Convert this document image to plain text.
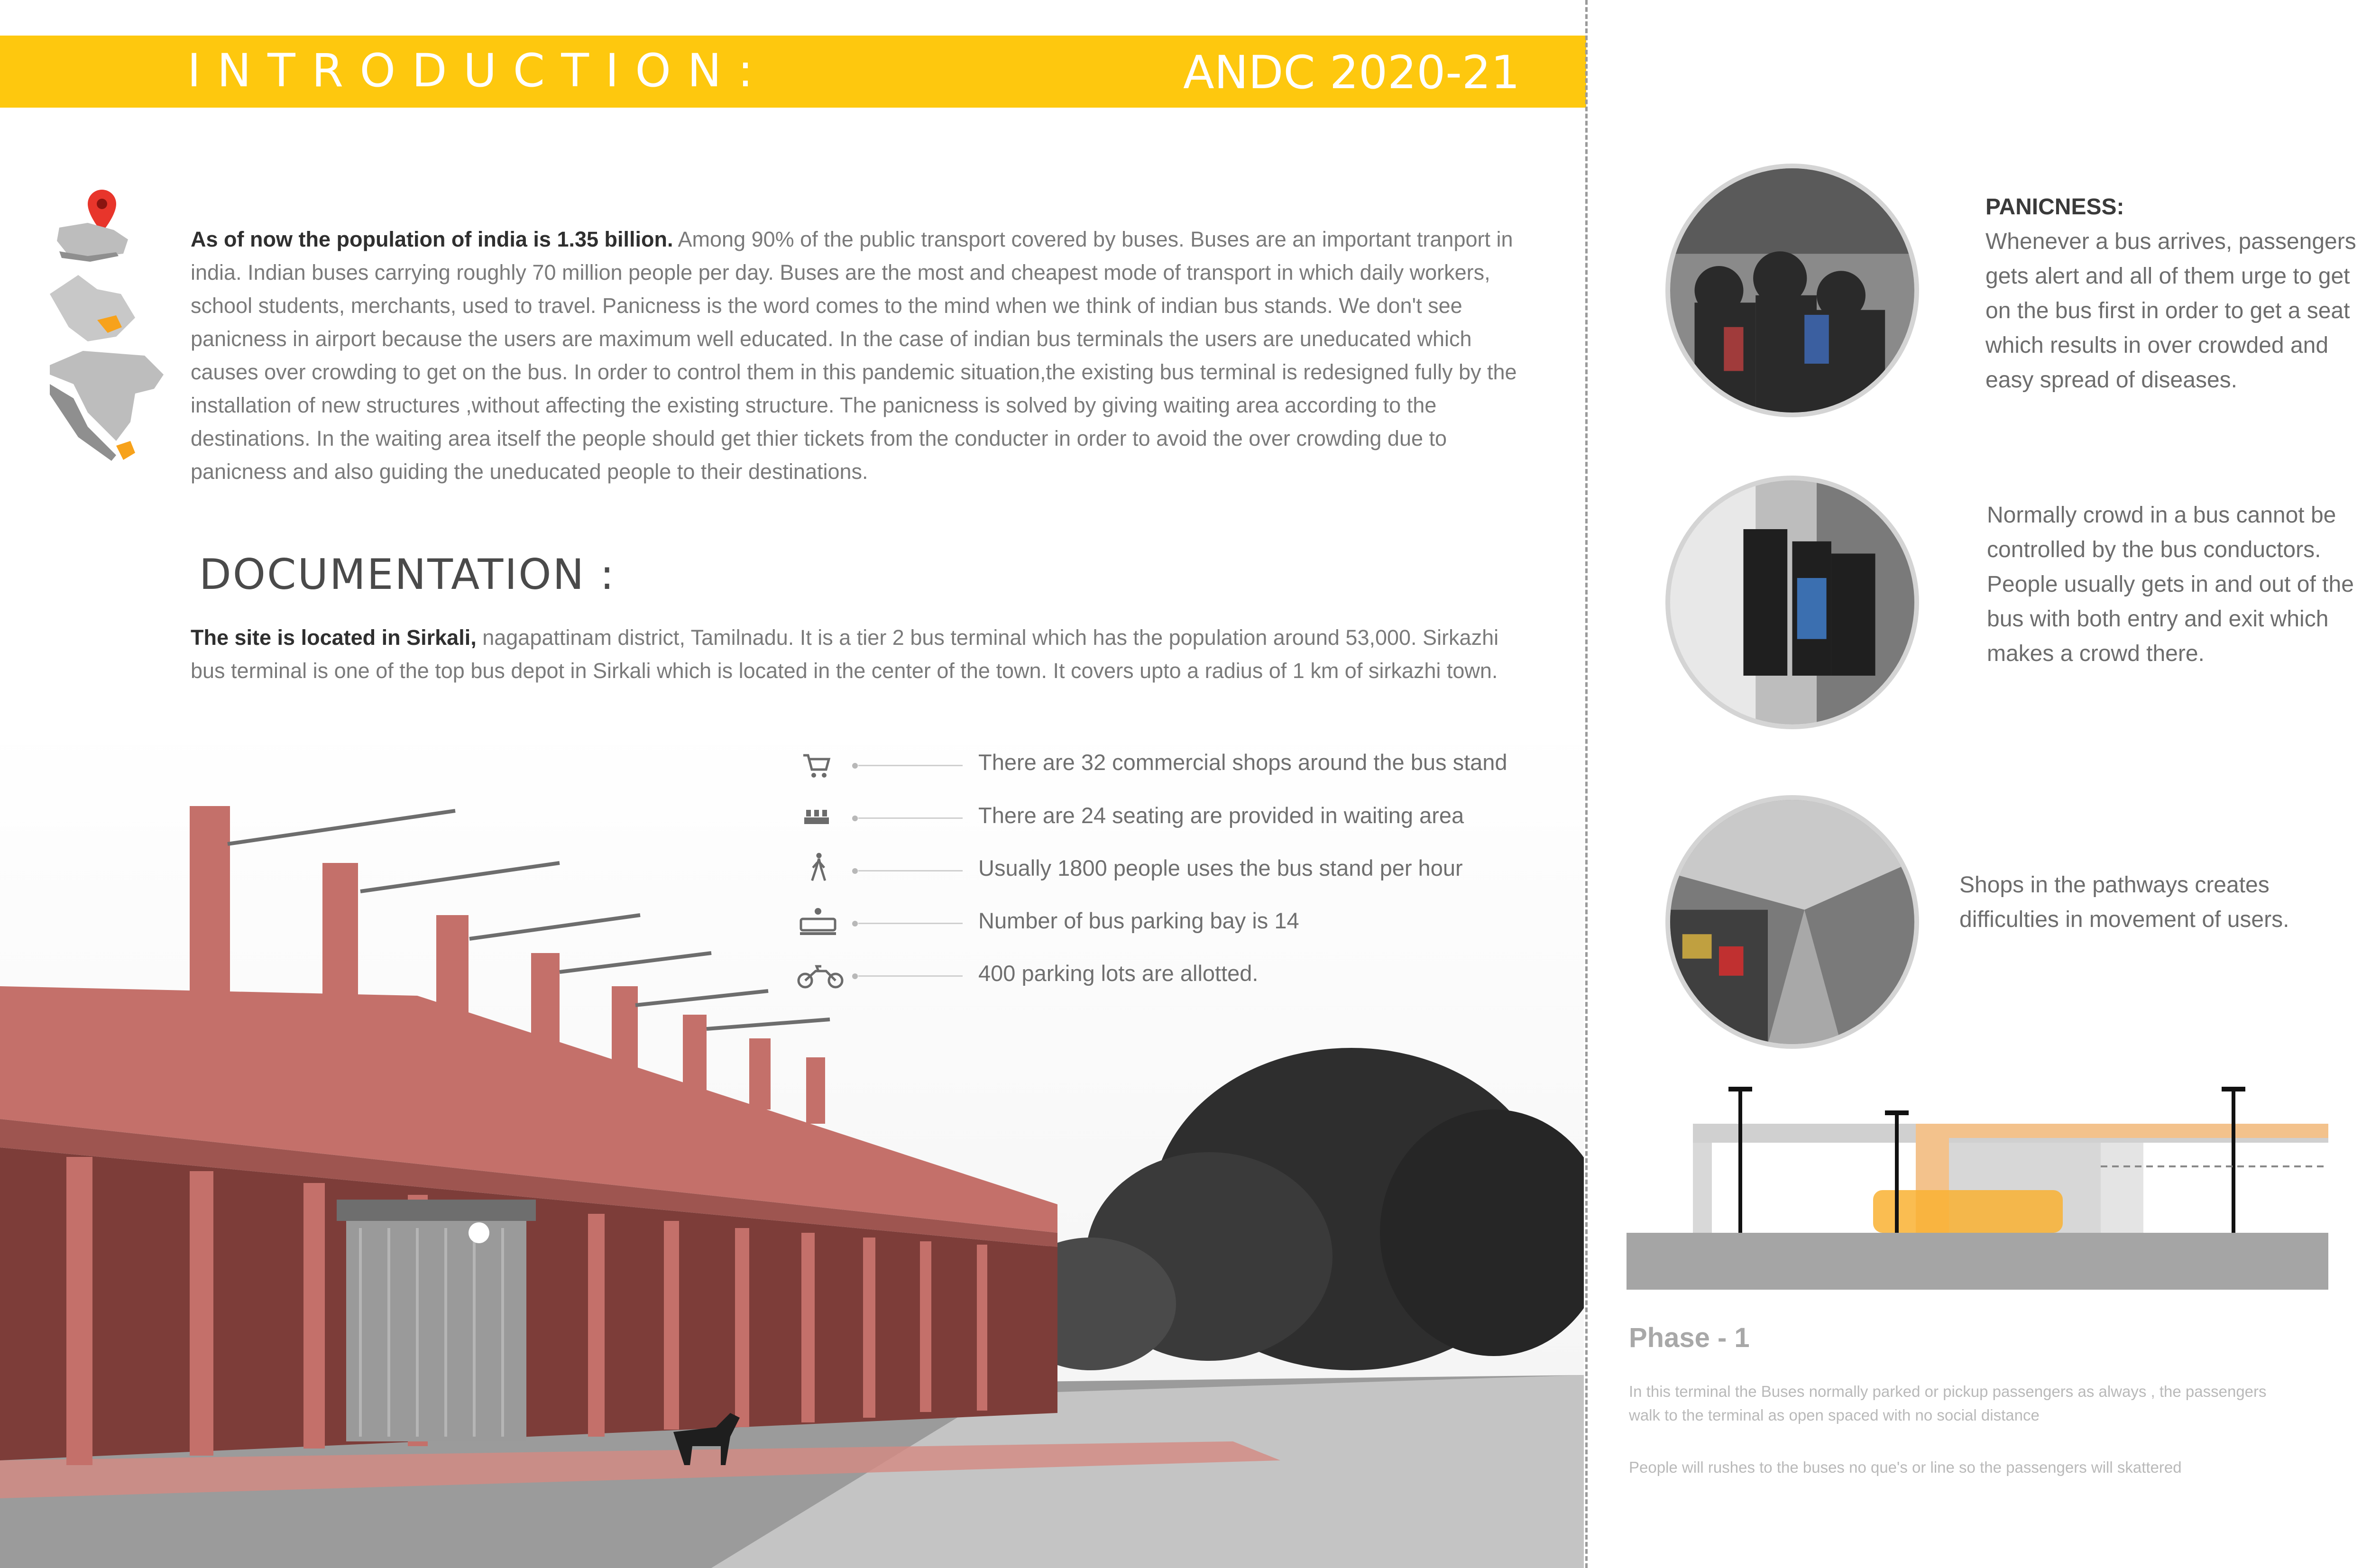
I N T R O D U C T I O N :	ANDC 2020-21
As of now the population of india is 1.35 billion. Among 90% of the public transport covered by buses. Buses are an important tranport in india. Indian buses carrying roughly 70 million people per day. Buses are the most and cheapest mode of transport in which daily workers, school students, merchants, used to travel. Panicness is the word comes to the mind when we think of indian bus stands. We don't see panicness in airport because the users are maximum well educated. In the case of indian bus terminals the users are uneducated which causes over crowding to get on the bus. In order to control them in this pandemic situation,the existing bus terminal is redesigned fully by the installation of new structures ,without affecting the existing structure. The panicness is solved by giving waiting area according to the destinations. In the waiting area itself the people should get thier tickets from the conducter in order to avoid the over crowding due to panicness and also guiding the uneducated people to their destinations.
DOCUMENTATION :
The site is located in Sirkali, nagapattinam district, Tamilnadu. It is a tier 2 bus terminal which has the population around 53,000. Sirkazhi bus terminal is one of the top bus depot in Sirkali which is located in the center of the town. It covers upto a radius of 1 km of sirkazhi town.
There are 32 commercial shops around the bus stand
There are 24 seating are provided in waiting area
Usually 1800 people uses the bus stand per hour
Number of bus parking bay is 14
400 parking lots are allotted.
PANICNESS:
Whenever a bus arrives, passengers gets alert and all of them urge to get on the bus first in order to get a seat which results in over crowded and easy spread of diseases.
Normally crowd in a bus cannot be controlled by the bus conductors. People usually gets in and out of the bus with both entry and exit which makes a crowd there.
Shops in the pathways creates difficulties in movement of users.
Phase - 1
In this terminal the Buses normally parked or pickup passengers as always , the passengers walk to the terminal as open spaced with no social distance
People will rushes to the buses no que's or line so the passengers will skattered
